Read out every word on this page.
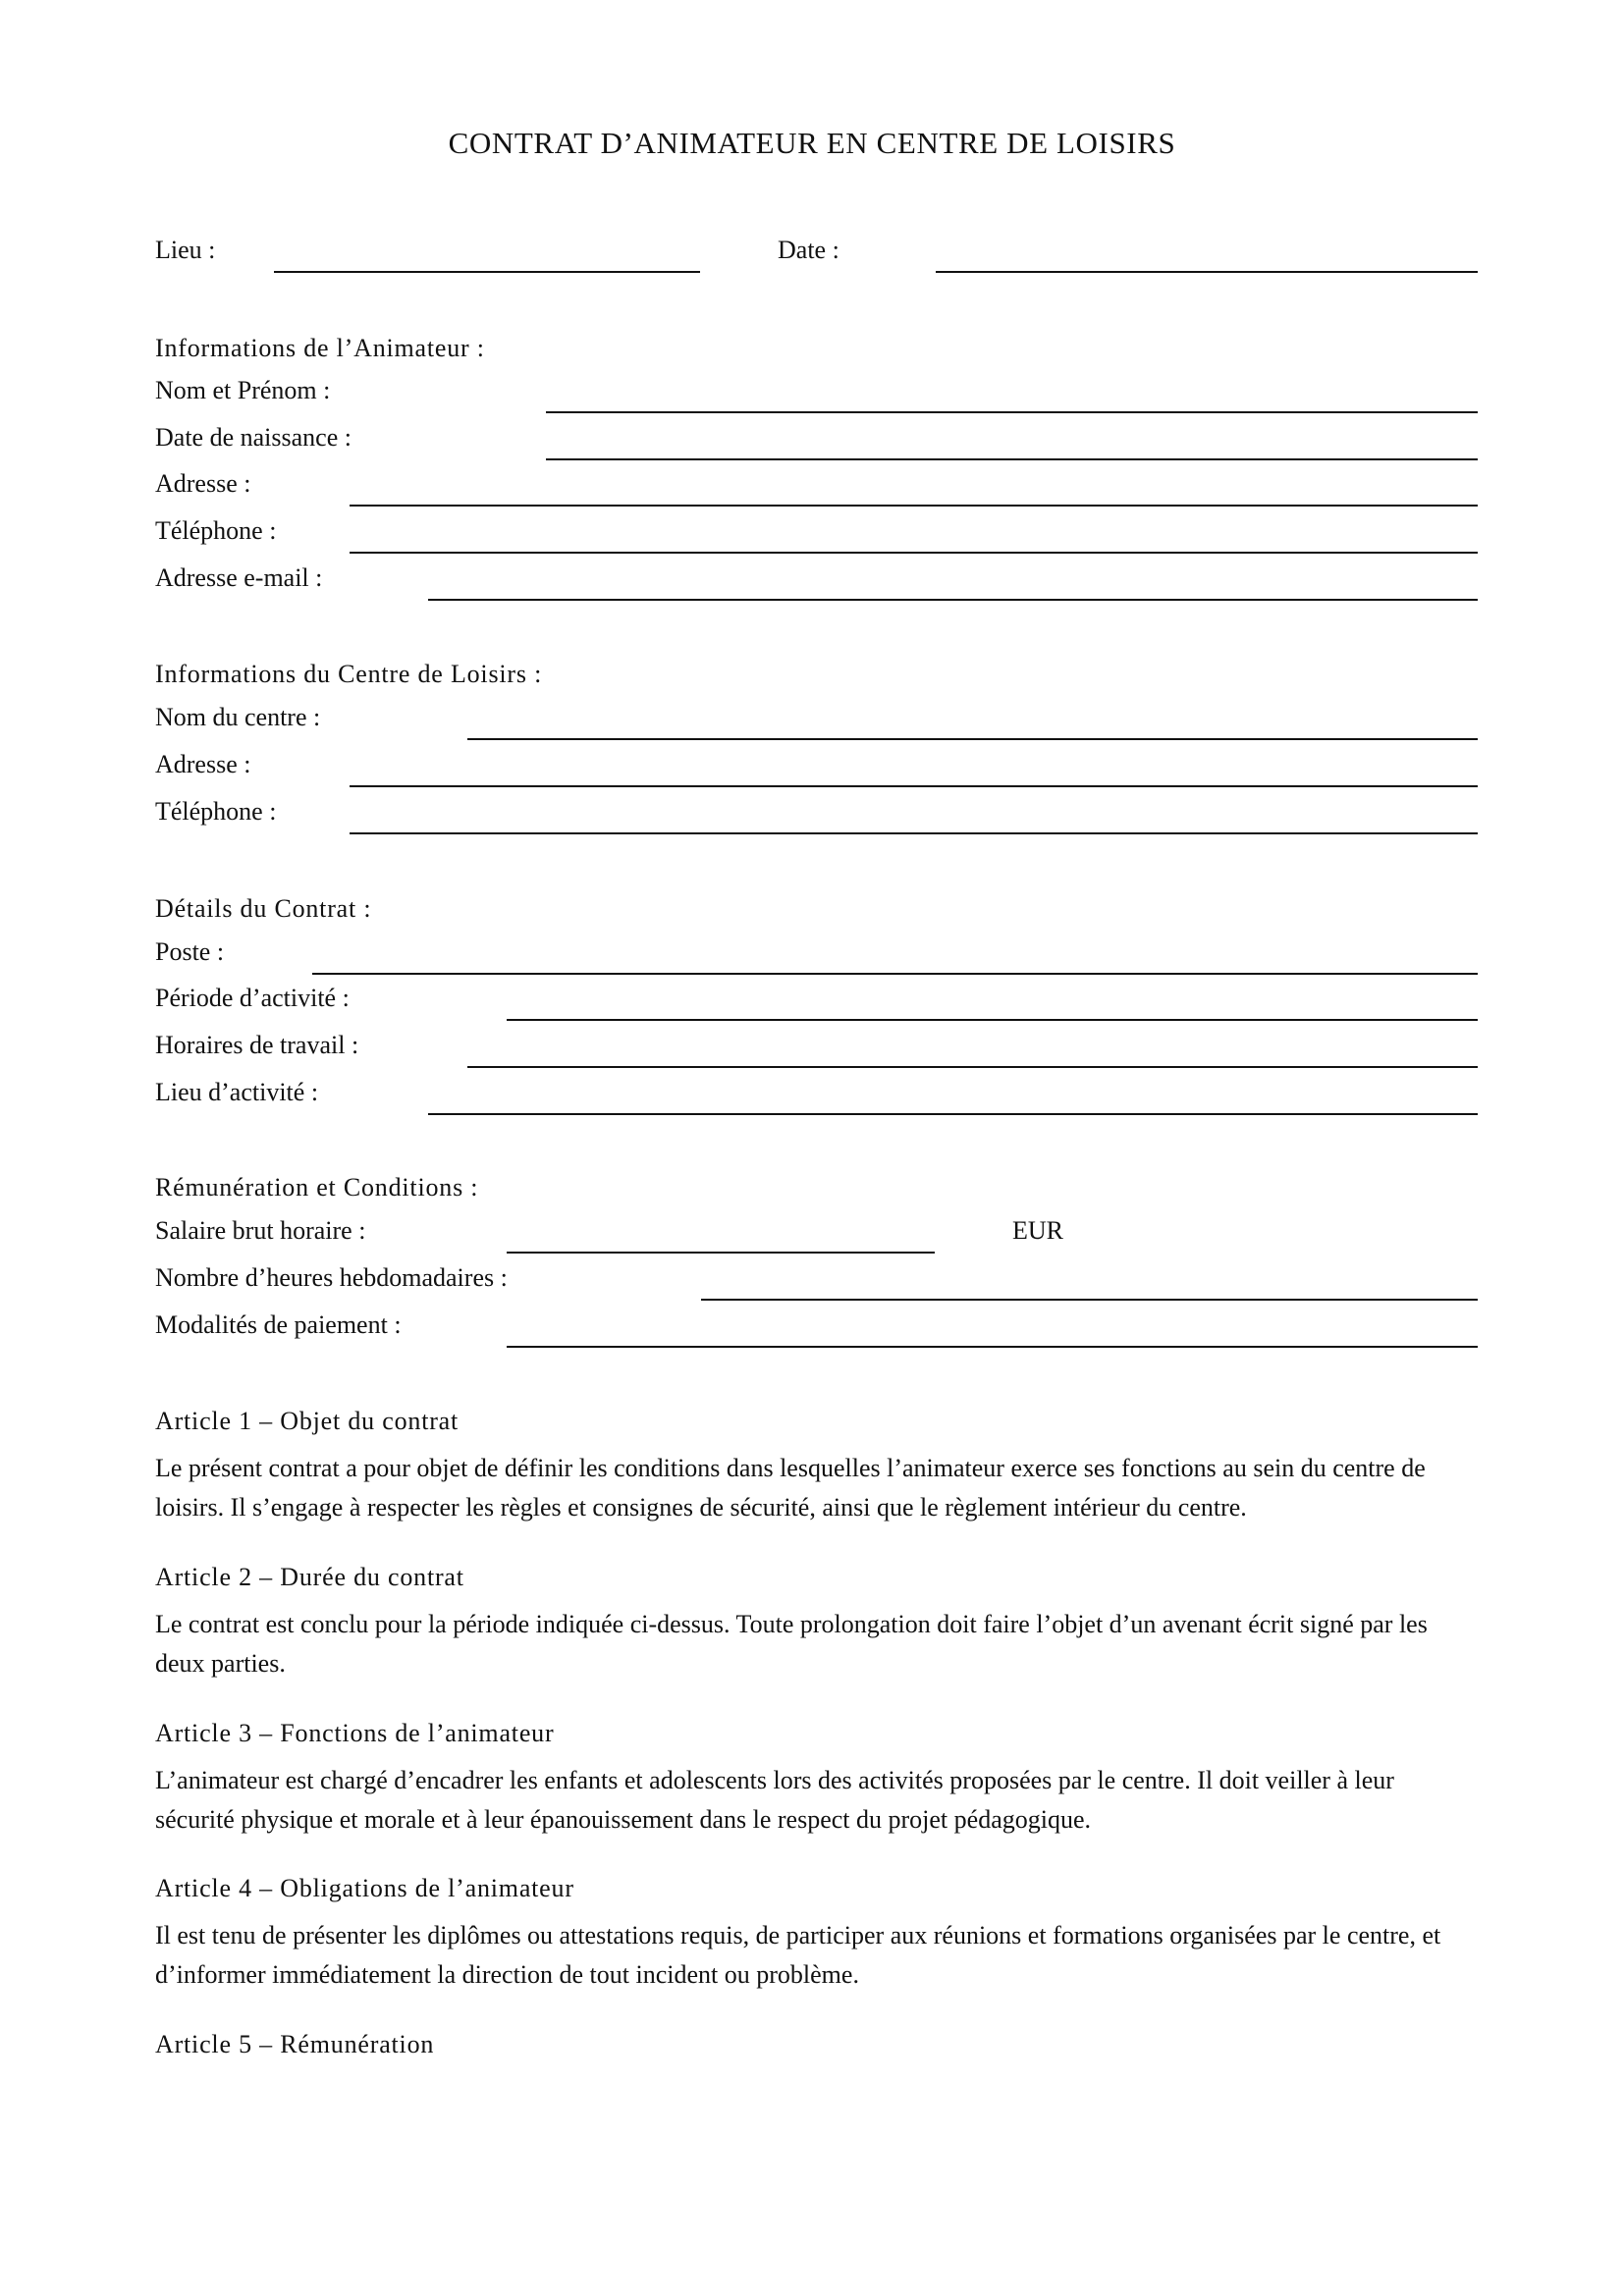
CONTRAT D’ANIMATEUR EN CENTRE DE LOISIRS
Lieu :	Date :
Informations de l’Animateur :
Nom et Prénom :
Date de naissance :
Adresse :
Téléphone :
Adresse e-mail :
Informations du Centre de Loisirs :
Nom du centre :
Adresse :
Téléphone :
Détails du Contrat :
Poste :
Période d’activité :
Horaires de travail :
Lieu d’activité :
Rémunération et Conditions :
Salaire brut horaire :	EUR
Nombre d’heures hebdomadaires :
Modalités de paiement :
Article 1 – Objet du contrat
Le présent contrat a pour objet de définir les conditions dans lesquelles l’animateur exerce ses fonctions au sein du centre de loisirs. Il s’engage à respecter les règles et consignes de sécurité, ainsi que le règlement intérieur du centre.
Article 2 – Durée du contrat
Le contrat est conclu pour la période indiquée ci-dessus. Toute prolongation doit faire l’objet d’un avenant écrit signé par les deux parties.
Article 3 – Fonctions de l’animateur
L’animateur est chargé d’encadrer les enfants et adolescents lors des activités proposées par le centre. Il doit veiller à leur sécurité physique et morale et à leur épanouissement dans le respect du projet pédagogique.
Article 4 – Obligations de l’animateur
Il est tenu de présenter les diplômes ou attestations requis, de participer aux réunions et formations organisées par le centre, et d’informer immédiatement la direction de tout incident ou problème.
Article 5 – Rémunération
